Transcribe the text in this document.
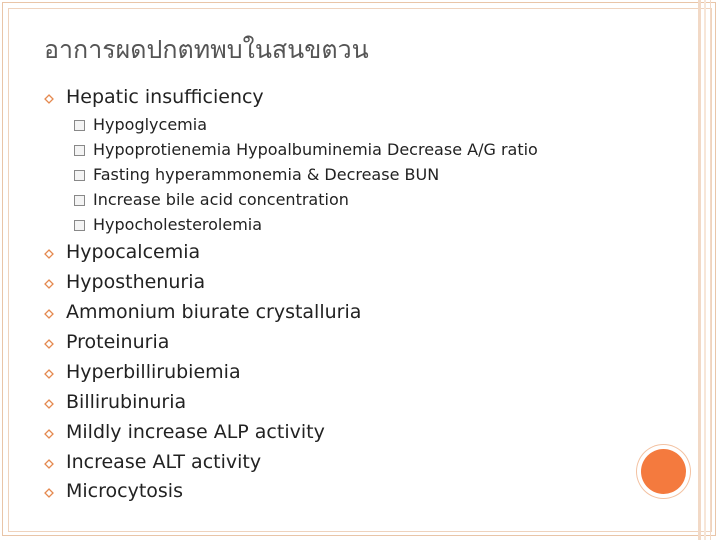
อาการผดปกตทพบในสนขตวน
Hepatic insufficiency
Hypoglycemia
Hypoprotienemia Hypoalbuminemia Decrease A/G ratio
Fasting hyperammonemia & Decrease BUN
Increase bile acid concentration
Hypocholesterolemia
Hypocalcemia
Hyposthenuria
Ammonium biurate crystalluria
Proteinuria
Hyperbillirubiemia
Billirubinuria
Mildly increase ALP activity
Increase ALT activity
Microcytosis
